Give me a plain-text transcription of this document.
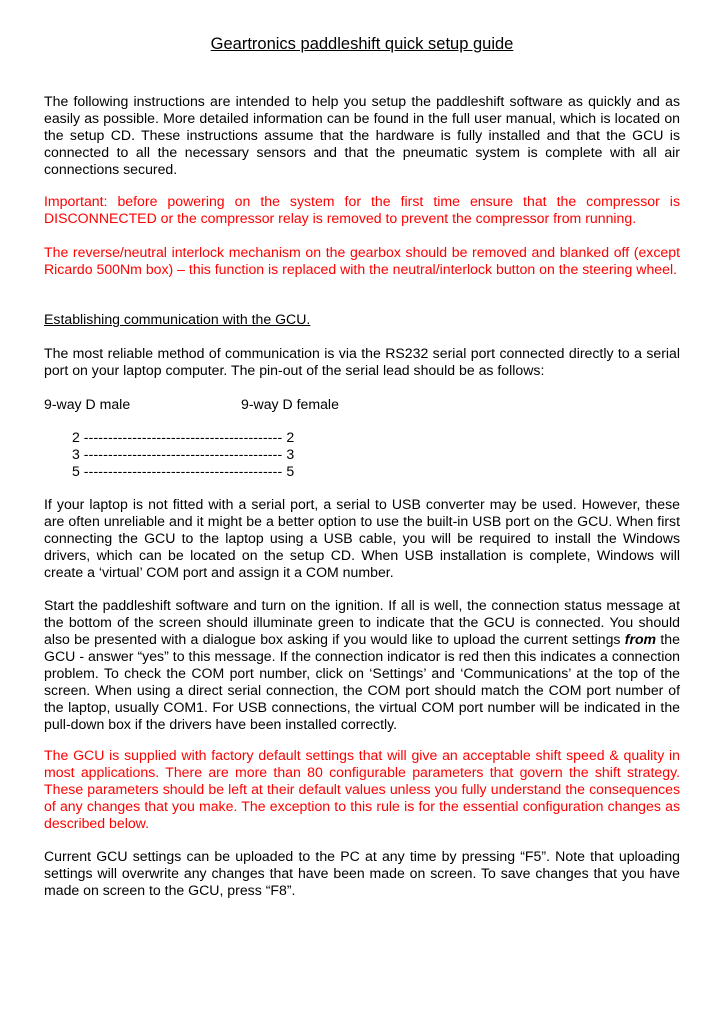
Geartronics paddleshift quick setup guide

The following instructions are intended to help you setup the paddleshift software as quickly and as easily as possible. More detailed information can be found in the full user manual, which is located on the setup CD. These instructions assume that the hardware is fully installed and that the GCU is connected to all the necessary sensors and that the pneumatic system is complete with all air connections secured.

Important: before powering on the system for the first time ensure that the compressor is DISCONNECTED or the compressor relay is removed to prevent the compressor from running.

The reverse/neutral interlock mechanism on the gearbox should be removed and blanked off (except Ricardo 500Nm box) – this function is replaced with the neutral/interlock button on the steering wheel.

Establishing communication with the GCU.

The most reliable method of communication is via the RS232 serial port connected directly to a serial port on your laptop computer. The pin-out of the serial lead should be as follows:

9-way D male	9-way D female
2 ----------------------------------------- 2
3 ----------------------------------------- 3
5 ----------------------------------------- 5

If your laptop is not fitted with a serial port, a serial to USB converter may be used. However, these are often unreliable and it might be a better option to use the built-in USB port on the GCU. When first connecting the GCU to the laptop using a USB cable, you will be required to install the Windows drivers, which can be located on the setup CD. When USB installation is complete, Windows will create a ‘virtual’ COM port and assign it a COM number.

Start the paddleshift software and turn on the ignition. If all is well, the connection status message at the bottom of the screen should illuminate green to indicate that the GCU is connected. You should also be presented with a dialogue box asking if you would like to upload the current settings from the GCU - answer “yes” to this message. If the connection indicator is red then this indicates a connection problem. To check the COM port number, click on ‘Settings’ and ‘Communications’ at the top of the screen. When using a direct serial connection, the COM port should match the COM port number of the laptop, usually COM1. For USB connections, the virtual COM port number will be indicated in the pull-down box if the drivers have been installed correctly.

The GCU is supplied with factory default settings that will give an acceptable shift speed & quality in most applications. There are more than 80 configurable parameters that govern the shift strategy. These parameters should be left at their default values unless you fully understand the consequences of any changes that you make. The exception to this rule is for the essential configuration changes as described below.

Current GCU settings can be uploaded to the PC at any time by pressing “F5”. Note that uploading settings will overwrite any changes that have been made on screen. To save changes that you have made on screen to the GCU, press “F8”.
